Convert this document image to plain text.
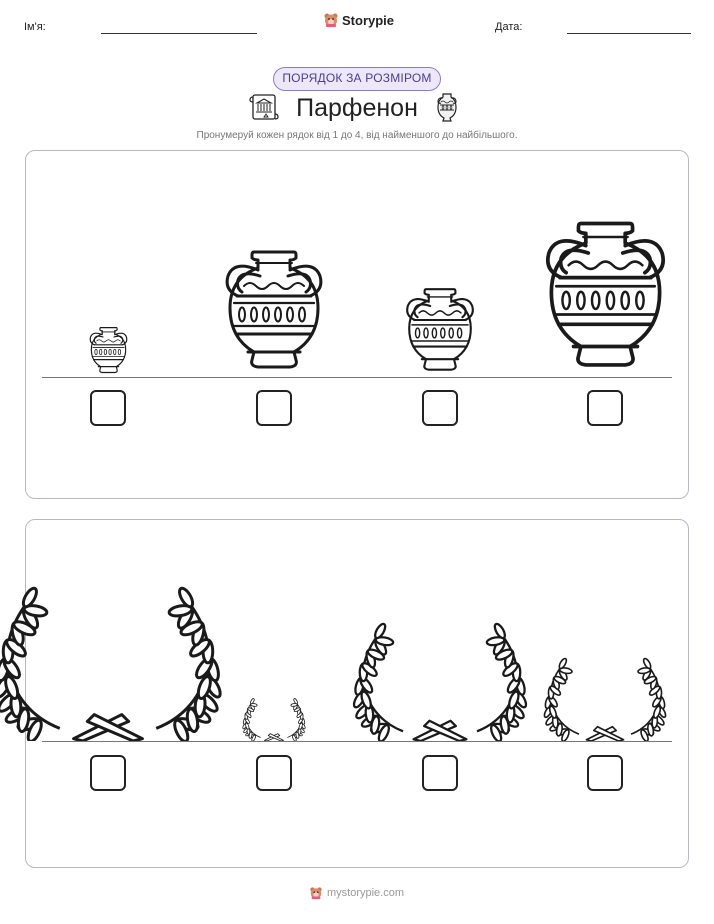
Ім'я:	Storypie	Дата:
ПОРЯДОК ЗА РОЗМІРОМ
Парфенон
Пронумеруй кожен рядок від 1 до 4, від найменшого до найбільшого.
mystorypie.com
